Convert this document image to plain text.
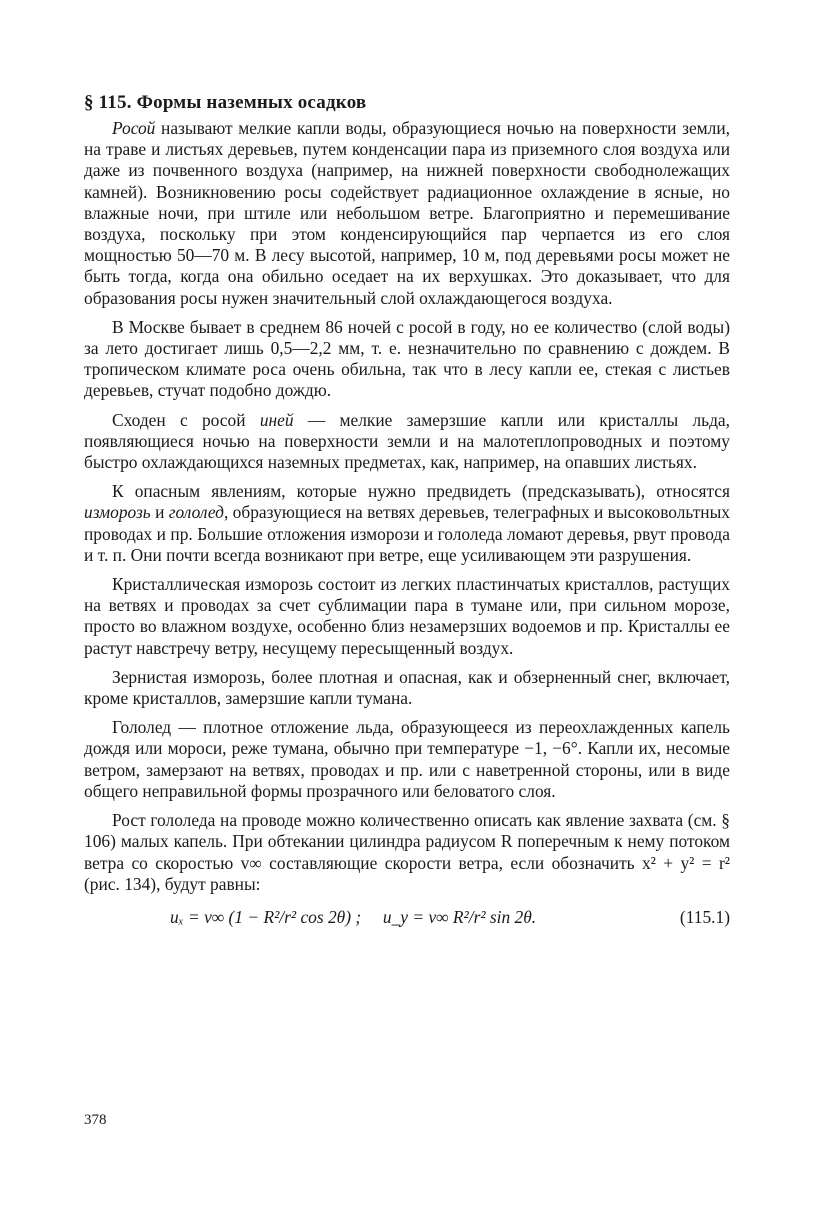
§ 115. Формы наземных осадков

Росой называют мелкие капли воды, образующиеся ночью на поверхности земли, на траве и листьях деревьев, путем конденсации пара из приземного слоя воздуха или даже из почвенного воздуха (например, на нижней поверхности свободнолежащих камней). Возникновению росы содействует радиационное охлаждение в ясные, но влажные ночи, при штиле или небольшом ветре. Благоприятно и перемешивание воздуха, поскольку при этом конденсирующийся пар черпается из его слоя мощностью 50—70 м. В лесу высотой, например, 10 м, под деревьями росы может не быть тогда, когда она обильно оседает на их верхушках. Это доказывает, что для образования росы нужен значительный слой охлаждающегося воздуха.

В Москве бывает в среднем 86 ночей с росой в году, но ее количество (слой воды) за лето достигает лишь 0,5—2,2 мм, т. е. незначительно по сравнению с дождем. В тропическом климате роса очень обильна, так что в лесу капли ее, стекая с листьев деревьев, стучат подобно дождю.

Сходен с росой иней — мелкие замерзшие капли или кристаллы льда, появляющиеся ночью на поверхности земли и на малотеплопроводных и поэтому быстро охлаждающихся наземных предметах, как, например, на опавших листьях.

К опасным явлениям, которые нужно предвидеть (предсказывать), относятся изморозь и гололед, образующиеся на ветвях деревьев, телеграфных и высоковольтных проводах и пр. Большие отложения изморози и гололеда ломают деревья, рвут провода и т. п. Они почти всегда возникают при ветре, еще усиливающем эти разрушения.

Кристаллическая изморозь состоит из легких пластинчатых кристаллов, растущих на ветвях и проводах за счет сублимации пара в тумане или, при сильном морозе, просто во влажном воздухе, особенно близ незамерзших водоемов и пр. Кристаллы ее растут навстречу ветру, несущему пересыщенный воздух.

Зернистая изморозь, более плотная и опасная, как и обзерненный снег, включает, кроме кристаллов, замерзшие капли тумана.

Гололед — плотное отложение льда, образующееся из переохлажденных капель дождя или мороси, реже тумана, обычно при температуре −1, −6°. Капли их, несомые ветром, замерзают на ветвях, проводах и пр. или с наветренной стороны, или в виде общего неправильной формы прозрачного или беловатого слоя.

Рост гололеда на проводе можно количественно описать как явление захвата (см. § 106) малых капель. При обтекании цилиндра радиусом R поперечным к нему потоком ветра со скоростью v∞ составляющие скорости ветра, если обозначить x² + y² = r² (рис. 134), будут равны:

uₓ = v∞ (1 − R²/r² cos 2θ) ; u_y = v∞ R²/r² sin 2θ.	(115.1)
378
